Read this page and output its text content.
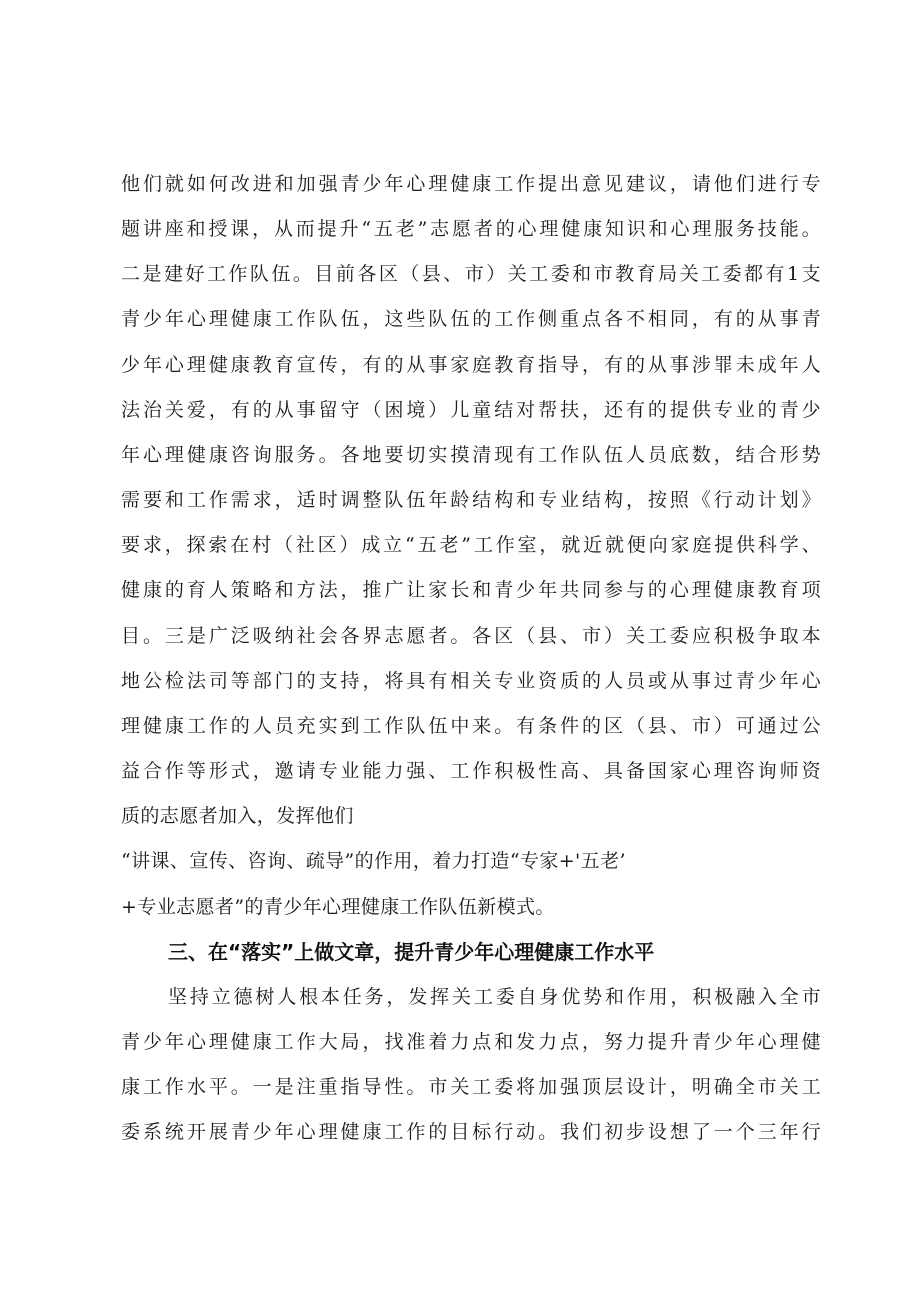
他们就如何改进和加强青少年心理健康工作提出意见建议，请他们进行专
题讲座和授课，从而提升“五老”志愿者的心理健康知识和心理服务技能。
二是建好工作队伍。目前各区（县、市）关工委和市教育局关工委都有1支
青少年心理健康工作队伍，这些队伍的工作侧重点各不相同，有的从事青
少年心理健康教育宣传，有的从事家庭教育指导，有的从事涉罪未成年人
法治关爱，有的从事留守（困境）儿童结对帮扶，还有的提供专业的青少
年心理健康咨询服务。各地要切实摸清现有工作队伍人员底数，结合形势
需要和工作需求，适时调整队伍年龄结构和专业结构，按照《行动计划》
要求，探索在村（社区）成立“五老”工作室，就近就便向家庭提供科学、
健康的育人策略和方法，推广让家长和青少年共同参与的心理健康教育项
目。三是广泛吸纳社会各界志愿者。各区（县、市）关工委应积极争取本
地公检法司等部门的支持，将具有相关专业资质的人员或从事过青少年心
理健康工作的人员充实到工作队伍中来。有条件的区（县、市）可通过公
益合作等形式，邀请专业能力强、工作积极性高、具备国家心理咨询师资
质的志愿者加入，发挥他们
“讲课、宣传、咨询、疏导”的作用，着力打造“专家+'五老’
+专业志愿者”的青少年心理健康工作队伍新模式。
三、在“落实”上做文章，提升青少年心理健康工作水平
坚持立德树人根本任务，发挥关工委自身优势和作用，积极融入全市
青少年心理健康工作大局，找准着力点和发力点，努力提升青少年心理健
康工作水平。一是注重指导性。市关工委将加强顶层设计，明确全市关工
委系统开展青少年心理健康工作的目标行动。我们初步设想了一个三年行
